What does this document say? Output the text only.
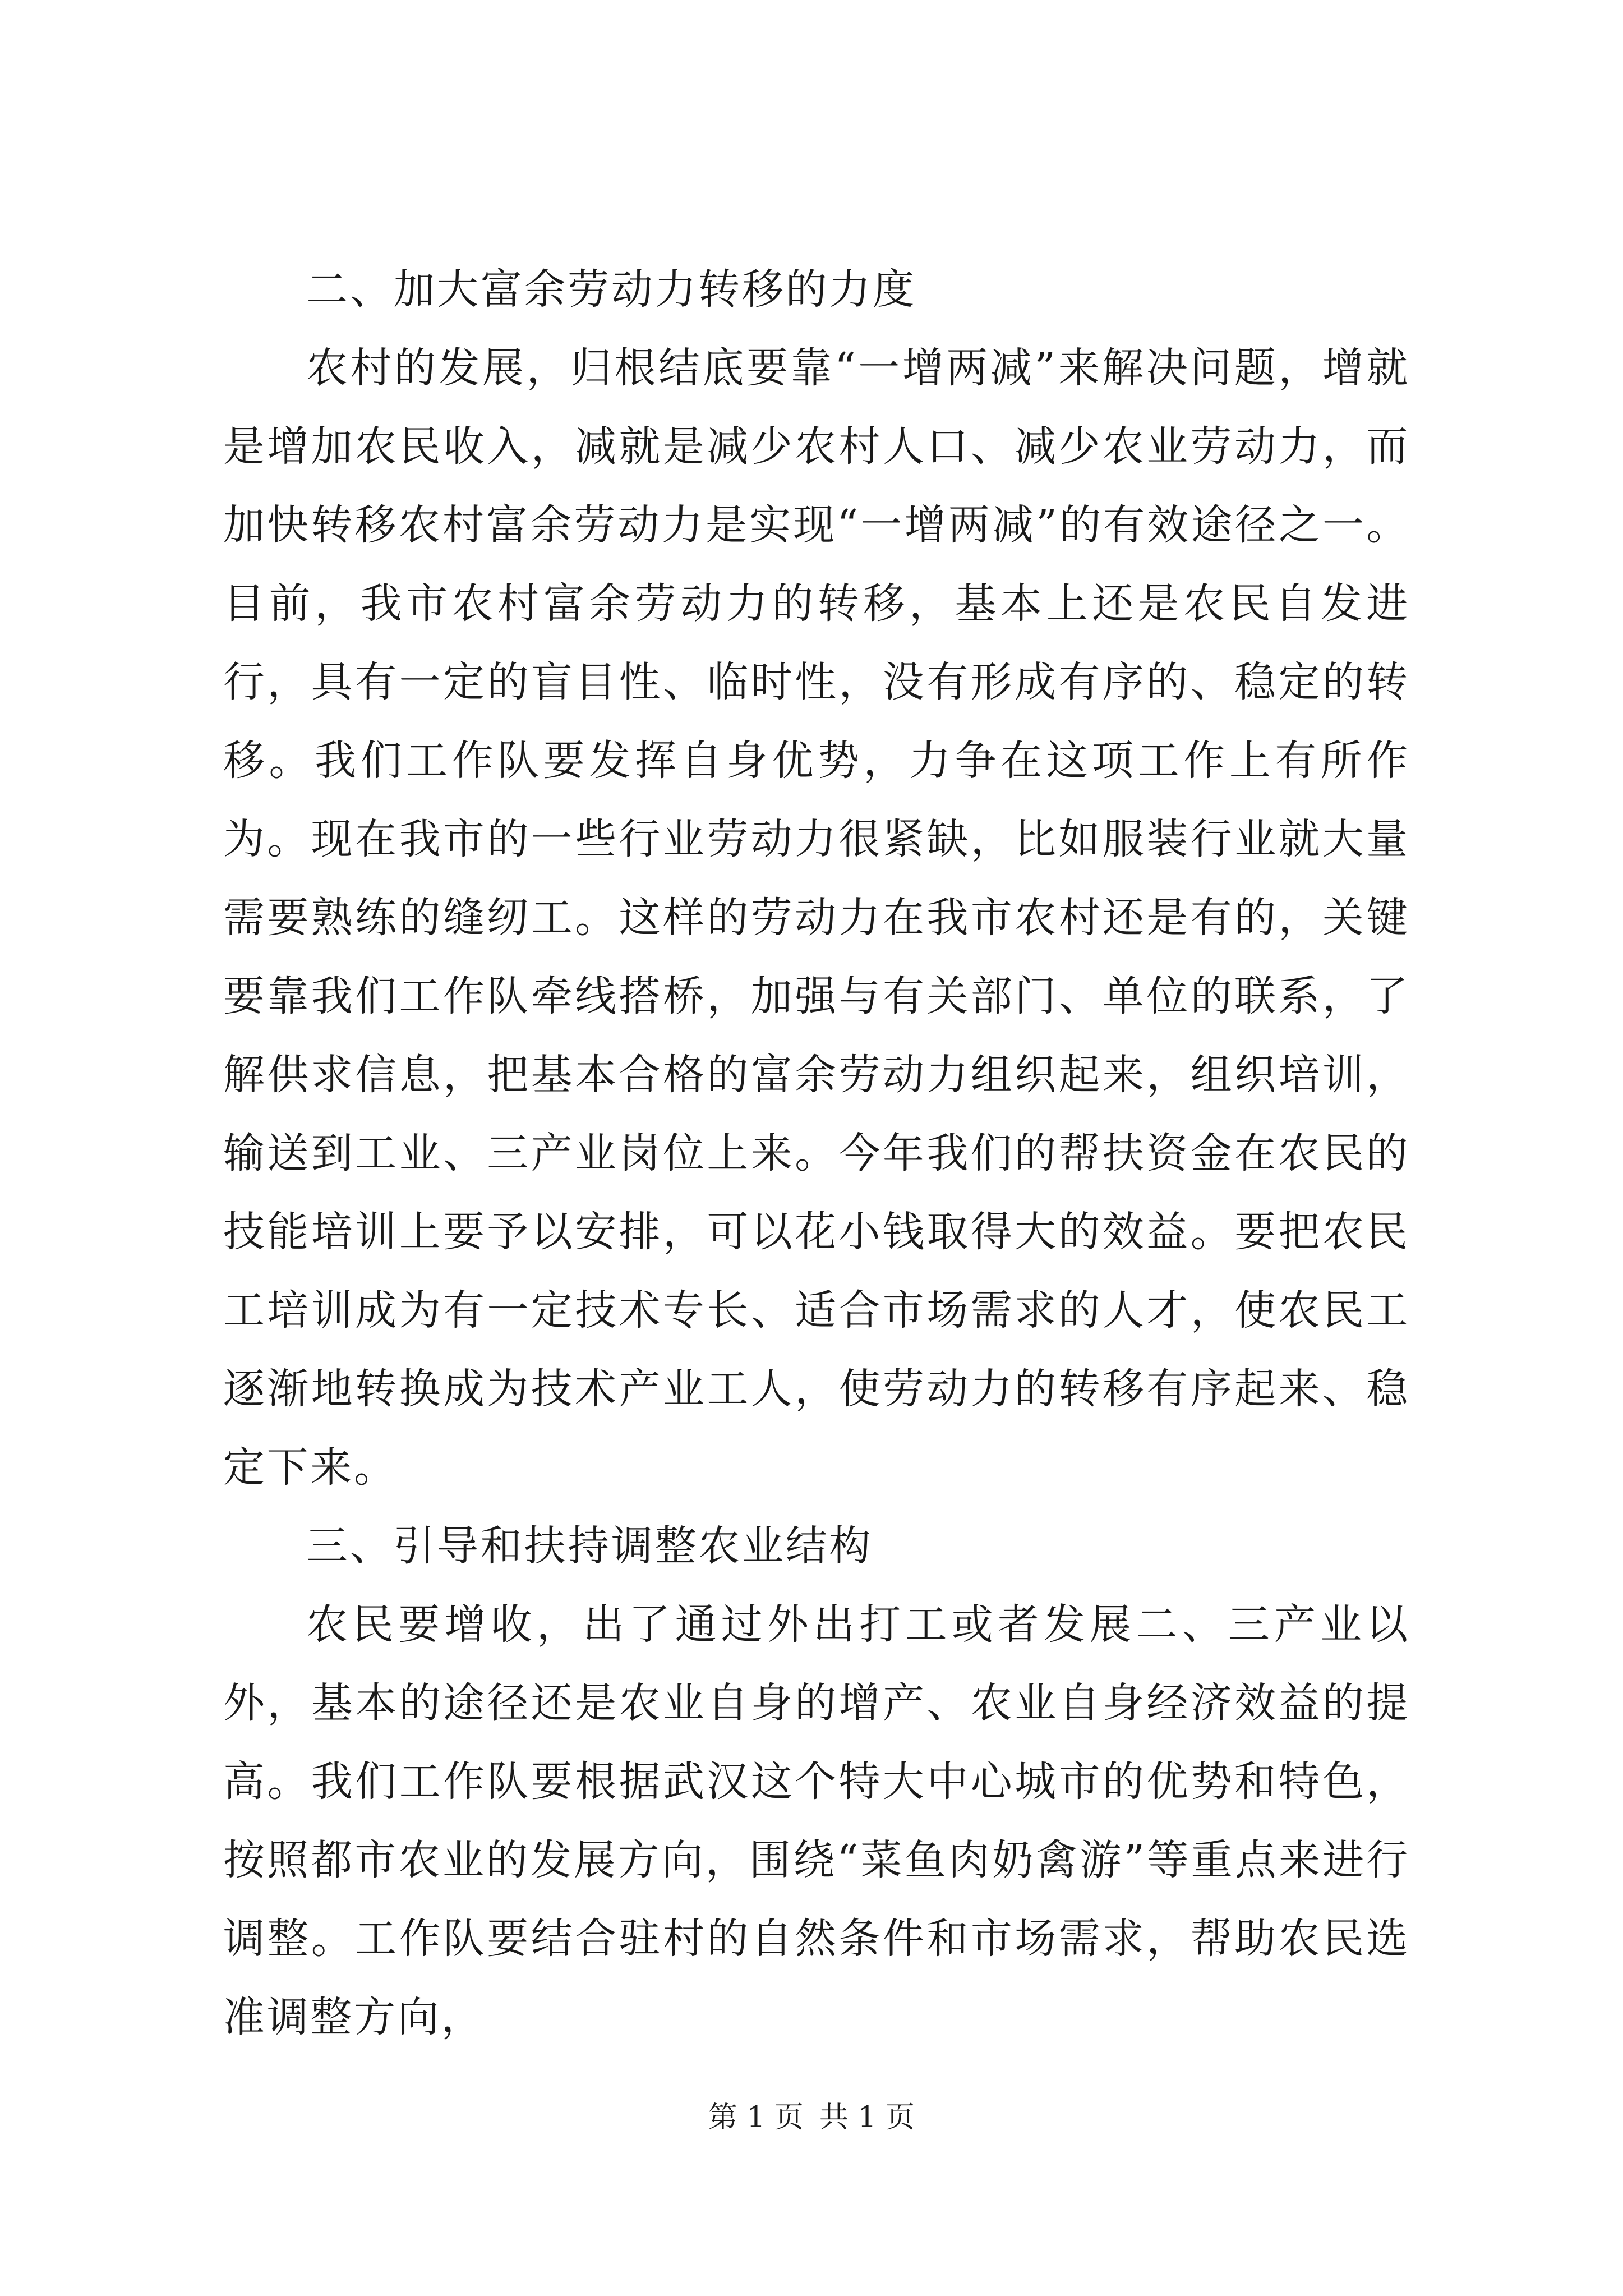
二、加大富余劳动力转移的力度

农村的发展，归根结底要靠“一增两减”来解决问题，增就是增加农民收入，减就是减少农村人口、减少农业劳动力，而加快转移农村富余劳动力是实现“一增两减”的有效途径之一。目前，我市农村富余劳动力的转移，基本上还是农民自发进行，具有一定的盲目性、临时性，没有形成有序的、稳定的转移。我们工作队要发挥自身优势，力争在这项工作上有所作为。现在我市的一些行业劳动力很紧缺，比如服装行业就大量需要熟练的缝纫工。这样的劳动力在我市农村还是有的，关键要靠我们工作队牵线搭桥，加强与有关部门、单位的联系，了解供求信息，把基本合格的富余劳动力组织起来，组织培训，输送到工业、三产业岗位上来。今年我们的帮扶资金在农民的技能培训上要予以安排，可以花小钱取得大的效益。要把农民工培训成为有一定技术专长、适合市场需求的人才，使农民工逐渐地转换成为技术产业工人，使劳动力的转移有序起来、稳定下来。

三、引导和扶持调整农业结构

农民要增收，出了通过外出打工或者发展二、三产业以外，基本的途径还是农业自身的增产、农业自身经济效益的提高。我们工作队要根据武汉这个特大中心城市的优势和特色，按照都市农业的发展方向，围绕“菜鱼肉奶禽游”等重点来进行调整。工作队要结合驻村的自然条件和市场需求，帮助农民选准调整方向，

第 1 页 共 1 页
